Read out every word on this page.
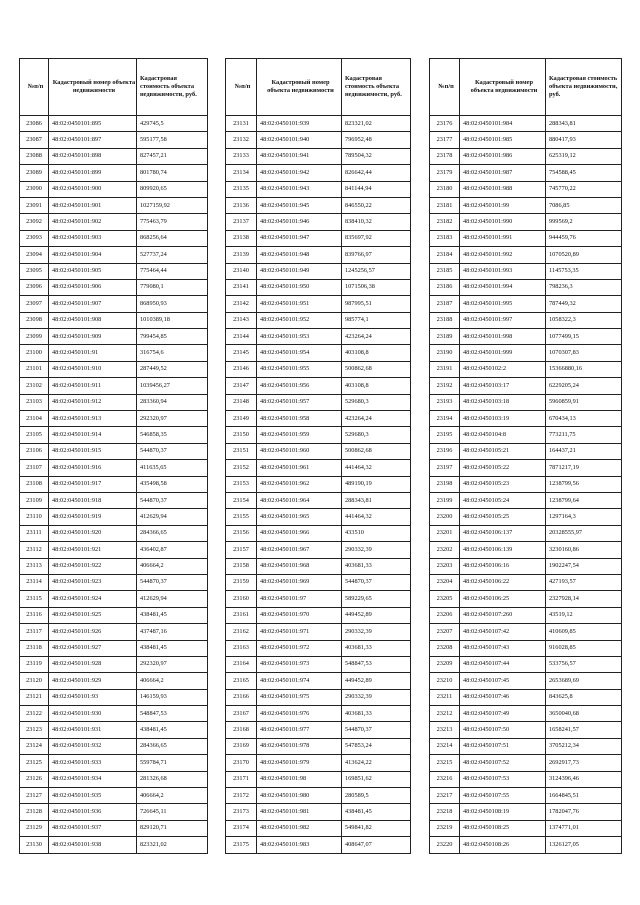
№п/п	Кадастровый номер объекта недвижимости	Кадастровая стоимость объекта недвижимости, руб.
23086	48:02:0450101:895	429745,5
23087	48:02:0450101:897	595177,58
23088	48:02:0450101:898	827457,21
23089	48:02:0450101:899	801780,74
23090	48:02:0450101:900	809920,65
23091	48:02:0450101:901	1027159,92
23092	48:02:0450101:902	775463,79
23093	48:02:0450101:903	868256,64
23094	48:02:0450101:904	527737,24
23095	48:02:0450101:905	775464,44
23096	48:02:0450101:906	779080,1
23097	48:02:0450101:907	868950,93
23098	48:02:0450101:908	1010389,18
23099	48:02:0450101:909	799454,85
23100	48:02:0450101:91	316754,6
23101	48:02:0450101:910	287449,52
23102	48:02:0450101:911	1039456,27
23103	48:02:0450101:912	283360,94
23104	48:02:0450101:913	292320,97
23105	48:02:0450101:914	546858,35
23106	48:02:0450101:915	544870,37
23107	48:02:0450101:916	411635,65
23108	48:02:0450101:917	435498,58
23109	48:02:0450101:918	544870,37
23110	48:02:0450101:919	412629,94
23111	48:02:0450101:920	284366,65
23112	48:02:0450101:921	436402,87
23113	48:02:0450101:922	406664,2
23114	48:02:0450101:923	544870,37
23115	48:02:0450101:924	412629,94
23116	48:02:0450101:925	438481,45
23117	48:02:0450101:926	437487,16
23118	48:02:0450101:927	438481,45
23119	48:02:0450101:928	292320,97
23120	48:02:0450101:929	406664,2
23121	48:02:0450101:93	146159,93
23122	48:02:0450101:930	548847,53
23123	48:02:0450101:931	438481,45
23124	48:02:0450101:932	284366,65
23125	48:02:0450101:933	559784,71
23126	48:02:0450101:934	281326,68
23127	48:02:0450101:935	406664,2
23128	48:02:0450101:936	726645,11
23129	48:02:0450101:937	829120,71
23130	48:02:0450101:938	823321,02
№п/п	Кадастровый номер объекта недвижимости	Кадастровая стоимость объекта недвижимости, руб.
23131	48:02:0450101:939	823321,02
23132	48:02:0450101:940	796952,48
23133	48:02:0450101:941	789504,32
23134	48:02:0450101:942	826642,44
23135	48:02:0450101:943	841144,94
23136	48:02:0450101:945	846550,22
23137	48:02:0450101:946	838410,32
23138	48:02:0450101:947	835697,92
23139	48:02:0450101:948	839766,97
23140	48:02:0450101:949	1245256,57
23141	48:02:0450101:950	1071506,38
23142	48:02:0450101:951	987995,51
23143	48:02:0450101:952	985774,1
23144	48:02:0450101:953	423264,24
23145	48:02:0450101:954	403108,8
23146	48:02:0450101:955	500862,68
23147	48:02:0450101:956	403108,8
23148	48:02:0450101:957	529680,3
23149	48:02:0450101:958	423264,24
23150	48:02:0450101:959	529680,3
23151	48:02:0450101:960	500862,68
23152	48:02:0450101:961	441464,32
23153	48:02:0450101:962	489190,19
23154	48:02:0450101:964	288343,81
23155	48:02:0450101:965	441464,32
23156	48:02:0450101:966	433510
23157	48:02:0450101:967	290332,39
23158	48:02:0450101:968	403681,33
23159	48:02:0450101:969	544870,37
23160	48:02:0450101:97	589229,65
23161	48:02:0450101:970	449452,89
23162	48:02:0450101:971	290332,39
23163	48:02:0450101:972	403681,33
23164	48:02:0450101:973	548847,53
23165	48:02:0450101:974	449452,89
23166	48:02:0450101:975	290332,39
23167	48:02:0450101:976	403681,33
23168	48:02:0450101:977	544870,37
23169	48:02:0450101:978	547853,24
23170	48:02:0450101:979	413624,22
23171	48:02:0450101:98	169851,62
23172	48:02:0450101:980	280589,5
23173	48:02:0450101:981	438481,45
23174	48:02:0450101:982	549841,82
23175	48:02:0450101:983	408647,07
№п/п	Кадастровый номер объекта недвижимости	Кадастровая стоимость объекта недвижимости, руб.
23176	48:02:0450101:984	288343,81
23177	48:02:0450101:985	880417,93
23178	48:02:0450101:986	625319,12
23179	48:02:0450101:987	754588,45
23180	48:02:0450101:988	745770,22
23181	48:02:0450101:99	7086,85
23182	48:02:0450101:990	999569,2
23183	48:02:0450101:991	944459,76
23184	48:02:0450101:992	1070520,89
23185	48:02:0450101:993	1145753,35
23186	48:02:0450101:994	798236,3
23187	48:02:0450101:995	787449,32
23188	48:02:0450101:997	1058322,3
23189	48:02:0450101:998	1077499,15
23190	48:02:0450101:999	1070307,83
23191	48:02:0450102:2	15366880,16
23192	48:02:0450103:17	6229205,24
23193	48:02:0450103:18	5960859,91
23194	48:02:0450103:19	670434,13
23195	48:02:0450104:8	773211,75
23196	48:02:0450105:21	164437,21
23197	48:02:0450105:22	7871217,19
23198	48:02:0450105:23	1238799,56
23199	48:02:0450105:24	1238799,64
23200	48:02:0450105:25	1297164,3
23201	48:02:0450106:137	20328555,97
23202	48:02:0450106:139	3230160,86
23203	48:02:0450106:16	1902247,54
23204	48:02:0450106:22	427193,57
23205	48:02:0450106:25	2327928,14
23206	48:02:0450107:260	43519,12
23207	48:02:0450107:42	410609,85
23208	48:02:0450107:43	916028,85
23209	48:02:0450107:44	533756,57
23210	48:02:0450107:45	2653689,69
23211	48:02:0450107:46	843625,8
23212	48:02:0450107:49	3650040,68
23213	48:02:0450107:50	1658241,57
23214	48:02:0450107:51	3705212,34
23215	48:02:0450107:52	2692917,73
23216	48:02:0450107:53	3124396,46
23217	48:02:0450107:55	1664845,51
23218	48:02:0450108:19	1782047,76
23219	48:02:0450108:25	1374771,01
23220	48:02:0450108:26	1326127,05
